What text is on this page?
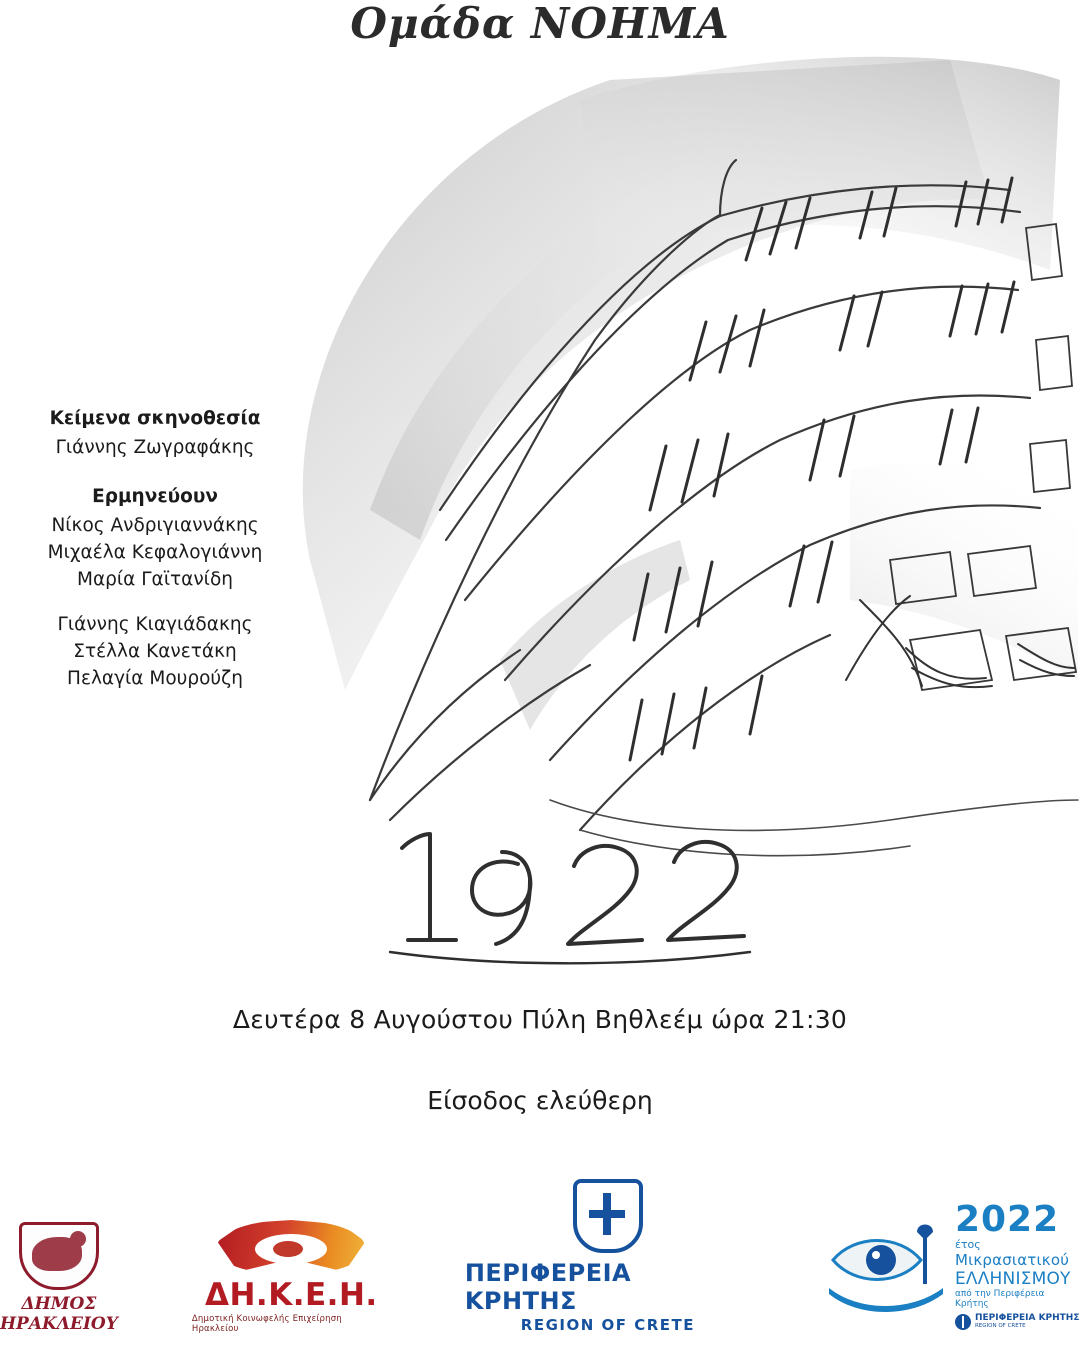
Ομάδα ΝΟΗΜΑ
Κείμενα σκηνοθεσία
Γιάννης Ζωγραφάκης
Ερμηνεύουν
Νίκος Ανδριγιαννάκης
Μιχαέλα Κεφαλογιάννη
Μαρία Γαϊτανίδη
Γιάννης Κιαγιάδακης
Στέλλα Κανετάκη
Πελαγία Μουρούζη
Δευτέρα 8 Αυγούστου Πύλη Βηθλεέμ ώρα 21:30
Είσοδος ελεύθερη
ΔΗΜΟΣ
ΗΡΑΚΛΕΙΟΥ
ΔΗ.Κ.Ε.Η.
Δημοτική Κοινωφελής Επιχείρηση Ηρακλείου
ΠΕΡΙΦΕΡΕΙΑ ΚΡΗΤΗΣ
REGION OF CRETE
2022
έτος
Μικρασιατικού
ΕΛΛΗΝΙΣΜΟΥ
από την Περιφέρεια Κρήτης
ΠΕΡΙΦΕΡΕΙΑ ΚΡΗΤΗΣ
REGION OF CRETE
